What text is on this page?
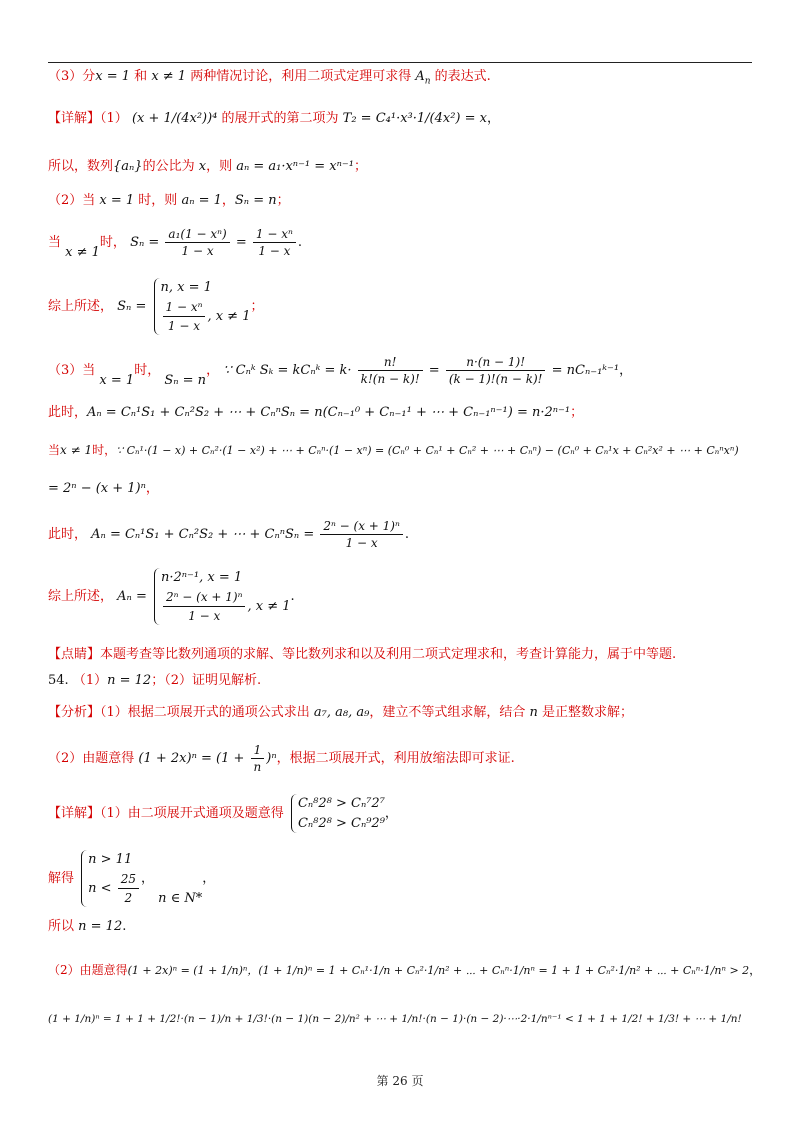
（3）分x = 1 和 x ≠ 1 两种情况讨论，利用二项式定理可求得 $A_n$ 的表达式.
【详解】（1） (x + 1/(4x²))⁴ 的展开式的第二项为 T₂ = C₄¹·x³·1/(4x²) = x，
所以，数列{aₙ}的公比为 x，则 aₙ = a₁·xⁿ⁻¹ = xⁿ⁻¹；
（2）当 x = 1 时，则 aₙ = 1，Sₙ = n；
当 x ≠ 1时， $S_n = \frac{\text{a₁(1 − xⁿ)}}{1 - x} = \frac{\text{1 − xⁿ}}{1 - x}$ .
综上所述， Sₙ =
n, x = 1
$\frac{\text{1 − xⁿ}}{1 - x}$ , x ≠ 1
；
（3）当 x = 1时， Sₙ = n， ∵ Cₙᵏ Sₖ = kCₙᵏ = $k\cdot \frac{n!}{k!(n - k)!} = \frac{n\cdot(n - 1)!}{(k - 1)!(n - k)!}$ = nCₙ₋₁ᵏ⁻¹，
此时，Aₙ = Cₙ¹S₁ + Cₙ²S₂ + ⋯ + CₙⁿSₙ = n(Cₙ₋₁⁰ + Cₙ₋₁¹ + ⋯ + Cₙ₋₁ⁿ⁻¹) = n·2ⁿ⁻¹；
当x ≠ 1时，∵ Cₙ¹·(1 − x) + Cₙ²·(1 − x²) + ⋯ + Cₙⁿ·(1 − xⁿ) = (Cₙ⁰ + Cₙ¹ + Cₙ² + ⋯ + Cₙⁿ) − (Cₙ⁰ + Cₙ¹x + Cₙ²x² + ⋯ + Cₙⁿxⁿ)
= 2ⁿ − (x + 1)ⁿ，
此时， Aₙ = Cₙ¹S₁ + Cₙ²S₂ + ⋯ + $C_n^nS_n = \frac{\text{2ⁿ − (x + 1)ⁿ}}{1 - x}$ .
综上所述， Aₙ =
n·2ⁿ⁻¹, x = 1
$\frac{\text{2ⁿ − (x + 1)ⁿ}}{1 - x}$ , x ≠ 1
.
【点睛】本题考查等比数列通项的求解、等比数列求和以及利用二项式定理求和，考查计算能力，属于中等题.
54. （1）n = 12；（2）证明见解析.
【分析】（1）根据二项展开式的通项公式求出 a₇, a₈, a₉，建立不等式组求解，结合 n 是正整数求解；
（2）由题意得 $(1 + 2x)^n = (1 + \frac{1}{n} )^n$，根据二项展开式，利用放缩法即可求证.
【详解】（1）由二项展开式通项及题意得
Cₙ⁸2⁸ > Cₙ⁷2⁷
Cₙ⁸2⁸ > Cₙ⁹2⁹
，
解得
n > 11
$n < \frac{25}{2}$ ， n ∈ N*，
所以 n = 12.
（2）由题意得(1 + 2x)ⁿ = (1 + 1/n)ⁿ，(1 + 1/n)ⁿ = 1 + Cₙ¹·1/n + Cₙ²·1/n² + ⋯ + Cₙⁿ·1/nⁿ = 1 + 1 + Cₙ²·1/n² + ⋯ + Cₙⁿ·1/nⁿ > 2，
(1 + 1/n)ⁿ = 1 + 1 + 1/2!·(n − 1)/n + 1/3!·(n − 1)(n − 2)/n² + ⋯ + 1/n!·(n − 1)·(n − 2)·⋯·2·1/nⁿ⁻¹ < 1 + 1 + 1/2! + 1/3! + ⋯ + 1/n!
第 26 页
